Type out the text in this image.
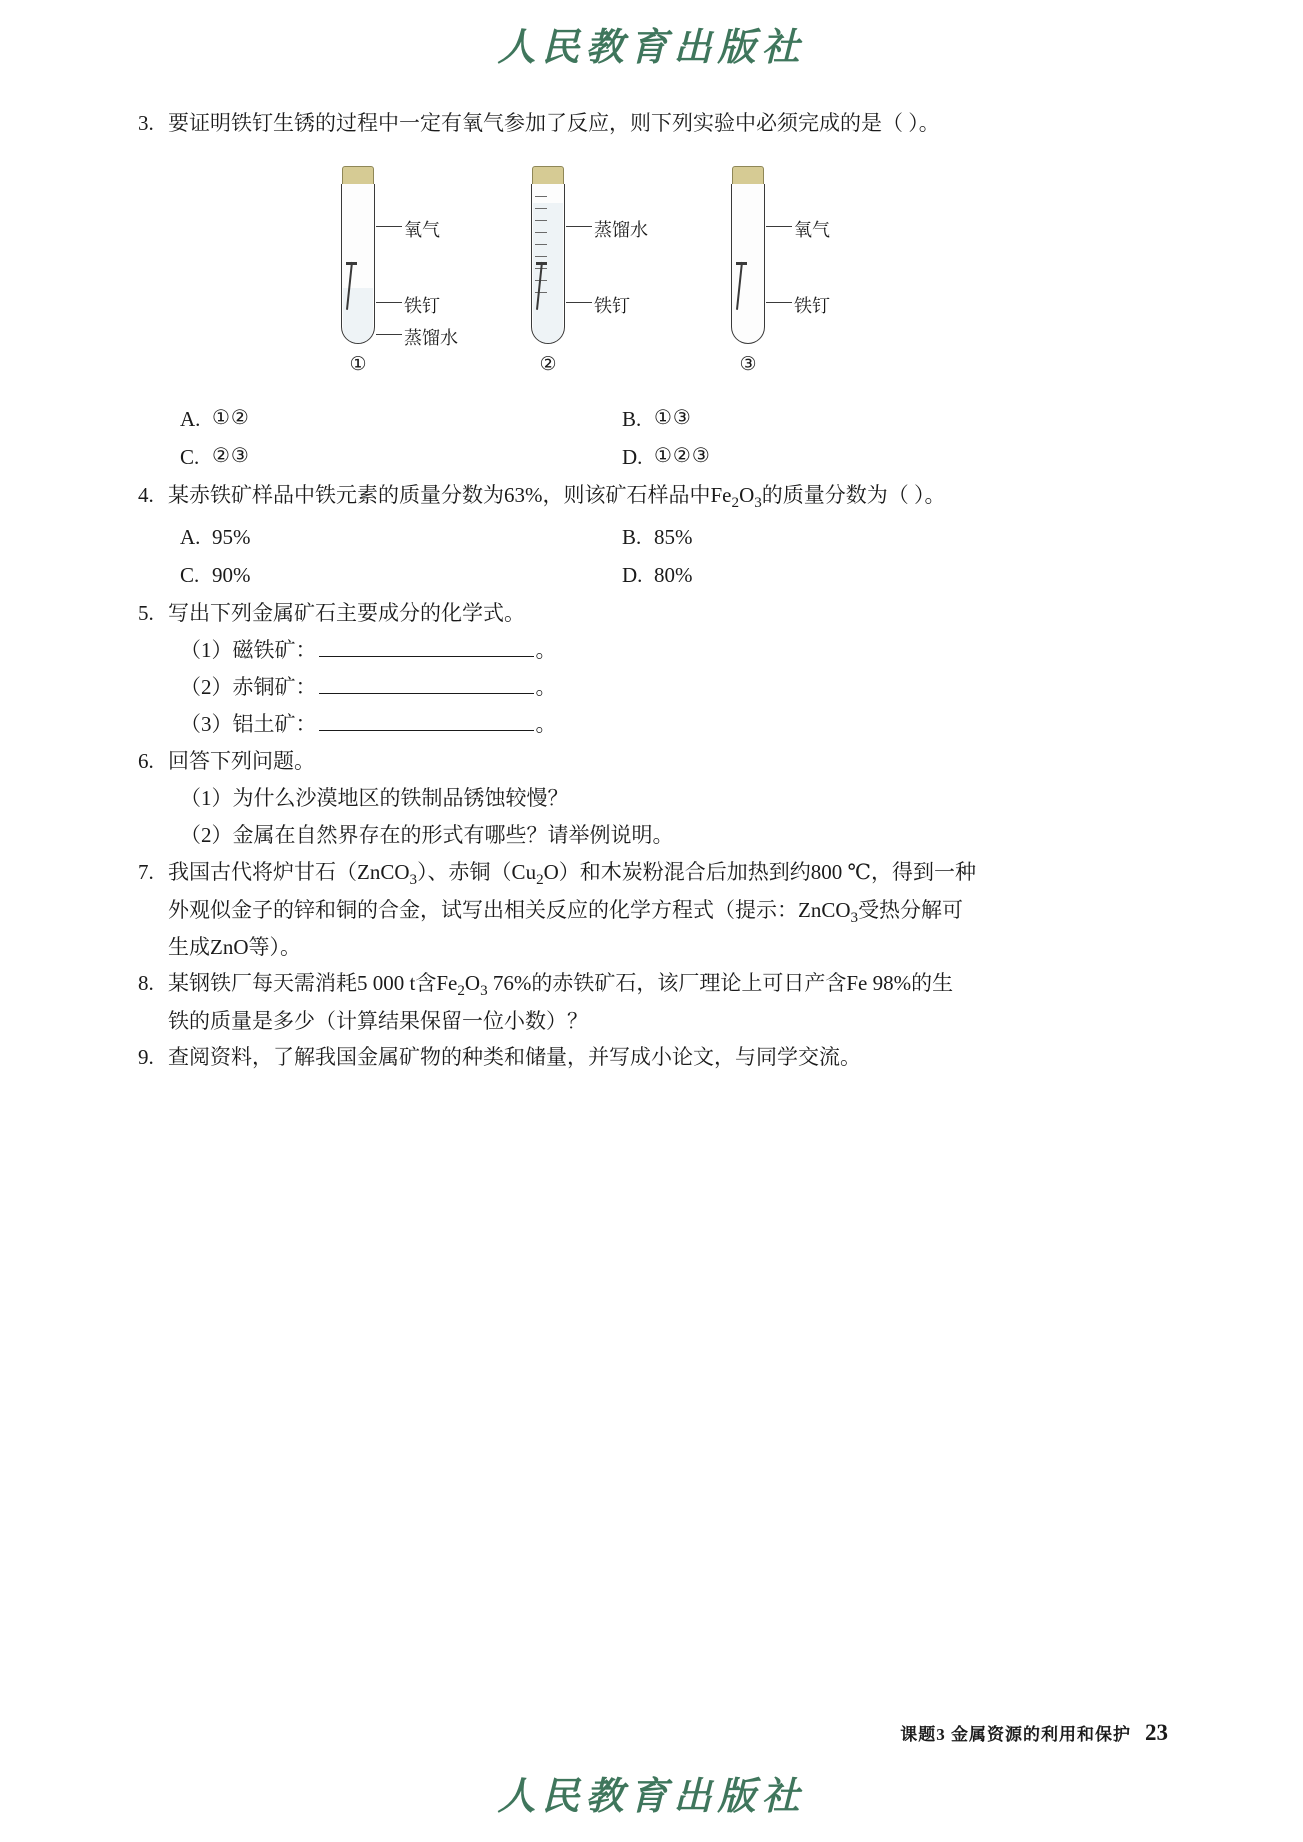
人民教育出版社
3. 要证明铁钉生锈的过程中一定有氧气参加了反应，则下列实验中必须完成的是（ ）。
氧气
铁钉
蒸馏水
①
蒸馏水
铁钉
②
氧气
铁钉
③
A. ①②	B. ①③
C. ②③	D. ①②③
4. 某赤铁矿样品中铁元素的质量分数为63%，则该矿石样品中$Fe_2O_3$的质量分数为（ ）。
A. 95%	B. 85%
C. 90%	D. 80%
5. 写出下列金属矿石主要成分的化学式。
（1）磁铁矿：	。
（2）赤铜矿：	。
（3）铝土矿：	。
6. 回答下列问题。
（1）为什么沙漠地区的铁制品锈蚀较慢？
（2）金属在自然界存在的形式有哪些？请举例说明。
7. 我国古代将炉甘石（ZnCO$_3$）、赤铜$(Cu_2O)$和木炭粉混合后加热到约800 ℃，得到一种
外观似金子的锌和铜的合金，试写出相关反应的化学方程式（提示：ZnCO$_3$受热分解可
生成ZnO等）。
8. 某钢铁厂每天需消耗5 000 t含$Fe_2O_3$ 76%的赤铁矿石，该厂理论上可日产含Fe 98%的生
铁的质量是多少（计算结果保留一位小数）？
9. 查阅资料，了解我国金属矿物的种类和储量，并写成小论文，与同学交流。
课题3 金属资源的利用和保护 23
人民教育出版社
